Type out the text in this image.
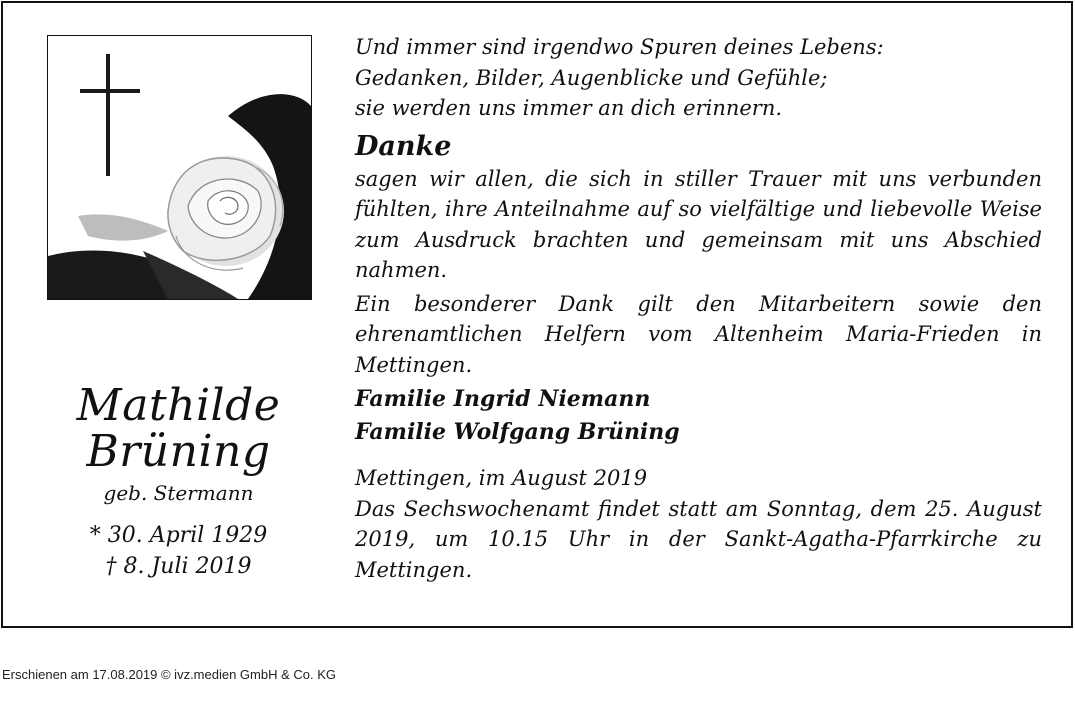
Mathilde
Brüning
geb. Stermann
* 30. April 1929
† 8. Juli 2019

Und immer sind irgendwo Spuren deines Lebens:

Gedanken, Bilder, Augenblicke und Gefühle;

sie werden uns immer an dich erinnern.

Danke

sagen wir allen, die sich in stiller Trauer mit uns verbunden fühlten, ihre Anteilnahme auf so vielfältige und liebevolle Weise zum Ausdruck brachten und gemeinsam mit uns Abschied nahmen.

Ein besonderer Dank gilt den Mitarbeitern sowie den ehrenamtlichen Helfern vom Altenheim Maria-Frieden in Mettingen.

Familie Ingrid Niemann

Familie Wolfgang Brüning

Mettingen, im August 2019

Das Sechswochenamt findet statt am Sonntag, dem 25. August 2019, um 10.15 Uhr in der Sankt-Agatha-Pfarrkirche zu Mettingen.

Erschienen am 17.08.2019 © ivz.medien GmbH & Co. KG
